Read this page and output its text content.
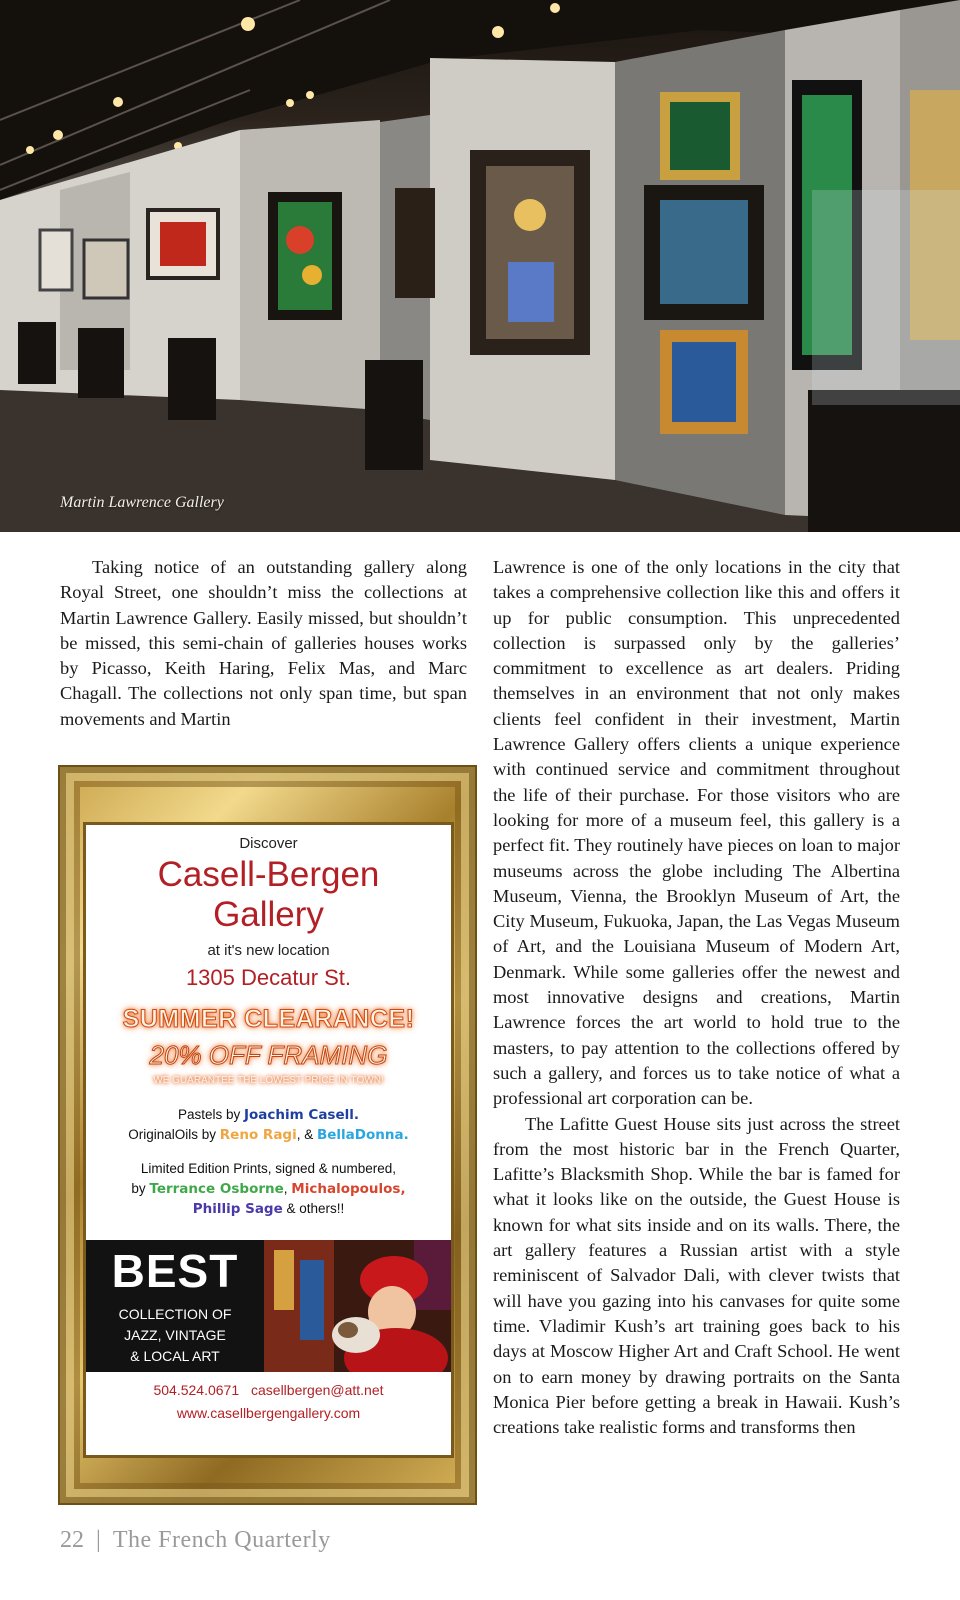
Martin Lawrence Gallery

Taking notice of an outstanding gallery along Royal Street, one shouldn’t miss the collections at Martin Lawrence Gallery. Easily missed, but shouldn’t be missed, this semi-chain of galleries houses works by Picasso, Keith Haring, Felix Mas, and Marc Chagall. The collections not only span time, but span movements and Martin

Discover
Casell-Bergen
Gallery
at it's new location
1305 Decatur St.
SUMMER CLEARANCE!
20% OFF FRAMING
WE GUARANTEE THE LOWEST PRICE IN TOWN!
Pastels by Joachim Casell.
OriginalOils by Reno Ragi, & BellaDonna.
Limited Edition Prints, signed & numbered,
by Terrance Osborne, Michalopoulos,
Phillip Sage & others!!
BEST
COLLECTION OF
JAZZ, VINTAGE
& LOCAL ART
504.524.0671 casellbergen@att.net
www.casellbergengallery.com

Lawrence is one of the only locations in the city that takes a comprehensive collection like this and offers it up for public consumption. This unprecedented collection is surpassed only by the galleries’ commitment to excellence as art dealers. Priding themselves in an environment that not only makes clients feel confident in their investment, Martin Lawrence Gallery offers clients a unique experience with continued service and commitment throughout the life of their purchase. For those visitors who are looking for more of a museum feel, this gallery is a perfect fit. They routinely have pieces on loan to major museums across the globe including The Albertina Museum, Vienna, the Brooklyn Museum of Art, the City Museum, Fukuoka, Japan, the Las Vegas Museum of Art, and the Louisiana Museum of Modern Art, Denmark. While some galleries offer the newest and most innovative designs and creations, Martin Lawrence forces the art world to hold true to the masters, to pay attention to the collections offered by such a gallery, and forces us to take notice of what a professional art corporation can be.

The Lafitte Guest House sits just across the street from the most historic bar in the French Quarter, Lafitte’s Blacksmith Shop. While the bar is famed for what it looks like on the outside, the Guest House is known for what sits inside and on its walls. There, the art gallery features a Russian artist with a style reminiscent of Salvador Dali, with clever twists that will have you gazing into his canvases for quite some time. Vladimir Kush’s art training goes back to his days at Moscow Higher Art and Craft School. He went on to earn money by drawing portraits on the Santa Monica Pier before getting a break in Hawaii. Kush’s creations take realistic forms and transforms then

22 | The French Quarterly
